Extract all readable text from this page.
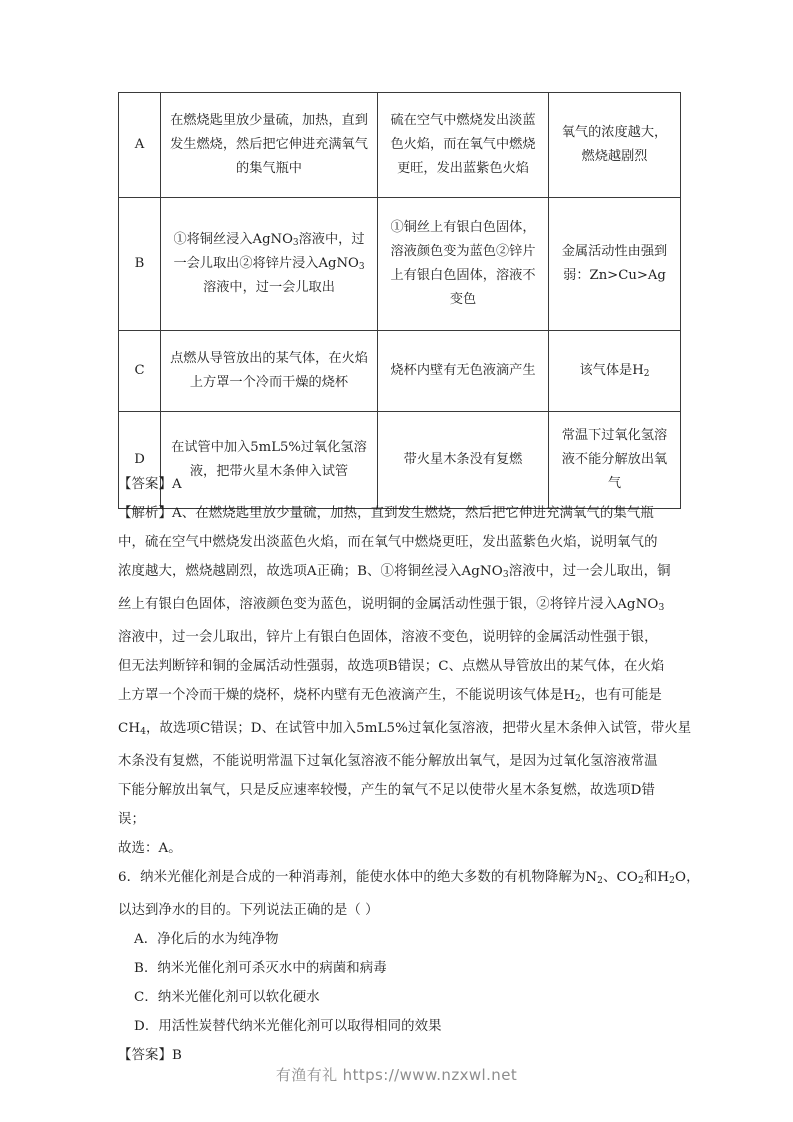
A	在燃烧匙里放少量硫，加热，直到发生燃烧，然后把它伸进充满氧气的集气瓶中	硫在空气中燃烧发出淡蓝色火焰，而在氧气中燃烧更旺，发出蓝紫色火焰	氧气的浓度越大，燃烧越剧烈
B	①将铜丝浸入AgNO$_3$溶液中，过一会儿取出②将锌片浸入AgNO$_3$溶液中，过一会儿取出	①铜丝上有银白色固体，溶液颜色变为蓝色②锌片上有银白色固体，溶液不变色	金属活动性由强到弱：Zn>Cu>Ag
C	点燃从导管放出的某气体，在火焰上方罩一个冷而干燥的烧杯	烧杯内壁有无色液滴产生	该气体是$H_2$
D	在试管中加入5mL5%过氧化氢溶液，把带火星木条伸入试管	带火星木条没有复燃	常温下过氧化氢溶液不能分解放出氧气
【答案】A
【解析】A、在燃烧匙里放少量硫，加热，直到发生燃烧，然后把它伸进充满氧气的集气瓶
中，硫在空气中燃烧发出淡蓝色火焰，而在氧气中燃烧更旺，发出蓝紫色火焰，说明氧气的
浓度越大，燃烧越剧烈，故选项A正确；B、①将铜丝浸入AgNO$_3$溶液中，过一会儿取出，铜
丝上有银白色固体，溶液颜色变为蓝色，说明铜的金属活动性强于银，②将锌片浸入AgNO$_3$
溶液中，过一会儿取出，锌片上有银白色固体，溶液不变色，说明锌的金属活动性强于银，
但无法判断锌和铜的金属活动性强弱，故选项B错误；C、点燃从导管放出的某气体，在火焰
上方罩一个冷而干燥的烧杯，烧杯内壁有无色液滴产生，不能说明该气体是$H_2$，也有可能是
$CH_4$，故选项C错误；D、在试管中加入5mL5%过氧化氢溶液，把带火星木条伸入试管，带火星
木条没有复燃，不能说明常温下过氧化氢溶液不能分解放出氧气，是因为过氧化氢溶液常温
下能分解放出氧气，只是反应速率较慢，产生的氧气不足以使带火星木条复燃，故选项D错
误；
故选：A。
6．纳米光催化剂是合成的一种消毒剂，能使水体中的绝大多数的有机物降解为$N_2$、$CO_2$和$H_2O$，
以达到净水的目的。下列说法正确的是（ ）
A．净化后的水为纯净物
B．纳米光催化剂可杀灭水中的病菌和病毒
C．纳米光催化剂可以软化硬水
D．用活性炭替代纳米光催化剂可以取得相同的效果
【答案】B
有渔有礼 https://www.nzxwl.net
